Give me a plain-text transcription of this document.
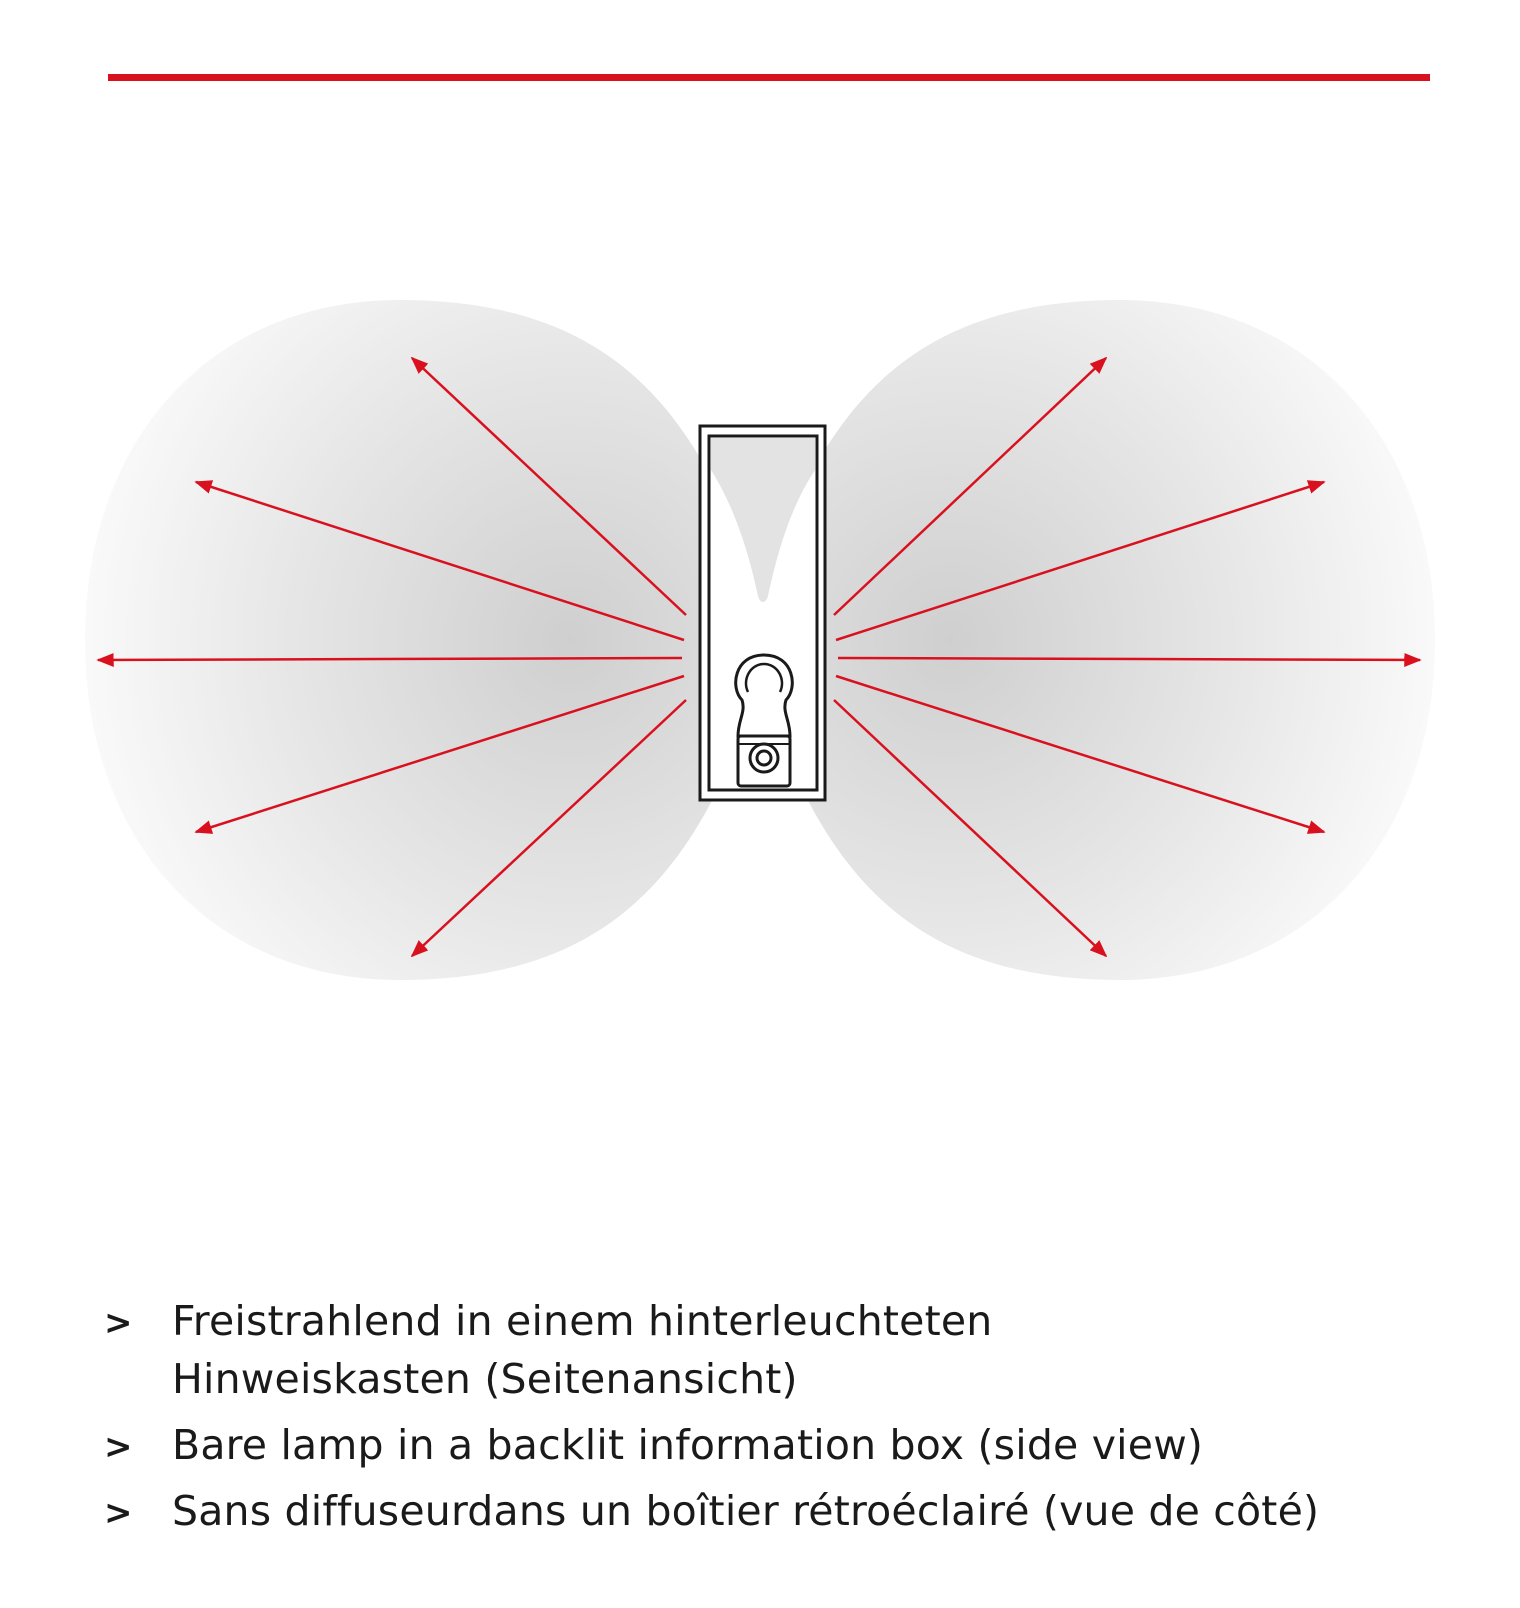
> Freistrahlend in einem hinterleuchteten
Hinweiskasten (Seitenansicht)
> Bare lamp in a backlit information box (side view)
> Sans diffuseurdans un boîtier rétroéclairé (vue de côté)
